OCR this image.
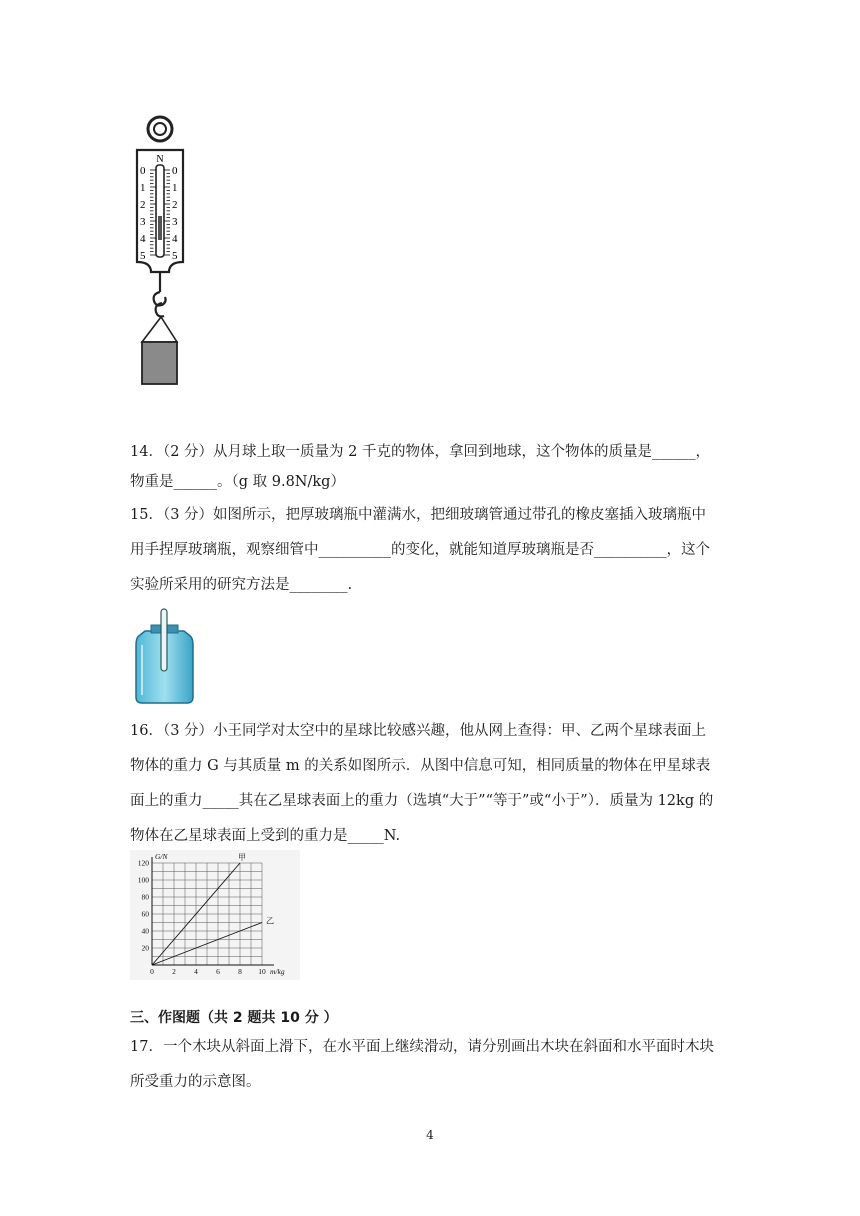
N
0
1
2
3
4
5
0
1
2
3
4
5
14．（2 分）从月球上取一质量为 2 千克的物体，拿回到地球，这个物体的质量是______，
物重是______。（g 取 9.8N/kg）
15．（3 分）如图所示，把厚玻璃瓶中灌满水，把细玻璃管通过带孔的橡皮塞插入玻璃瓶中
用手捏厚玻璃瓶，观察细管中__________的变化，就能知道厚玻璃瓶是否__________，这个
实验所采用的研究方法是________.
16．（3 分）小王同学对太空中的星球比较感兴趣，他从网上查得：甲、乙两个星球表面上
物体的重力 G 与其质量 m 的关系如图所示．从图中信息可知，相同质量的物体在甲星球表
面上的重力_____其在乙星球表面上的重力（选填“大于”“等于”或“小于”）．质量为 12kg 的
物体在乙星球表面上受到的重力是_____N.
0 2 4 6 8 10
20
40
60
80
100
120
m/kg
G/N	甲
乙
三、作图题（共 2 题共 10 分 ）
17．一个木块从斜面上滑下，在水平面上继续滑动，请分别画出木块在斜面和水平面时木块
所受重力的示意图。
4
